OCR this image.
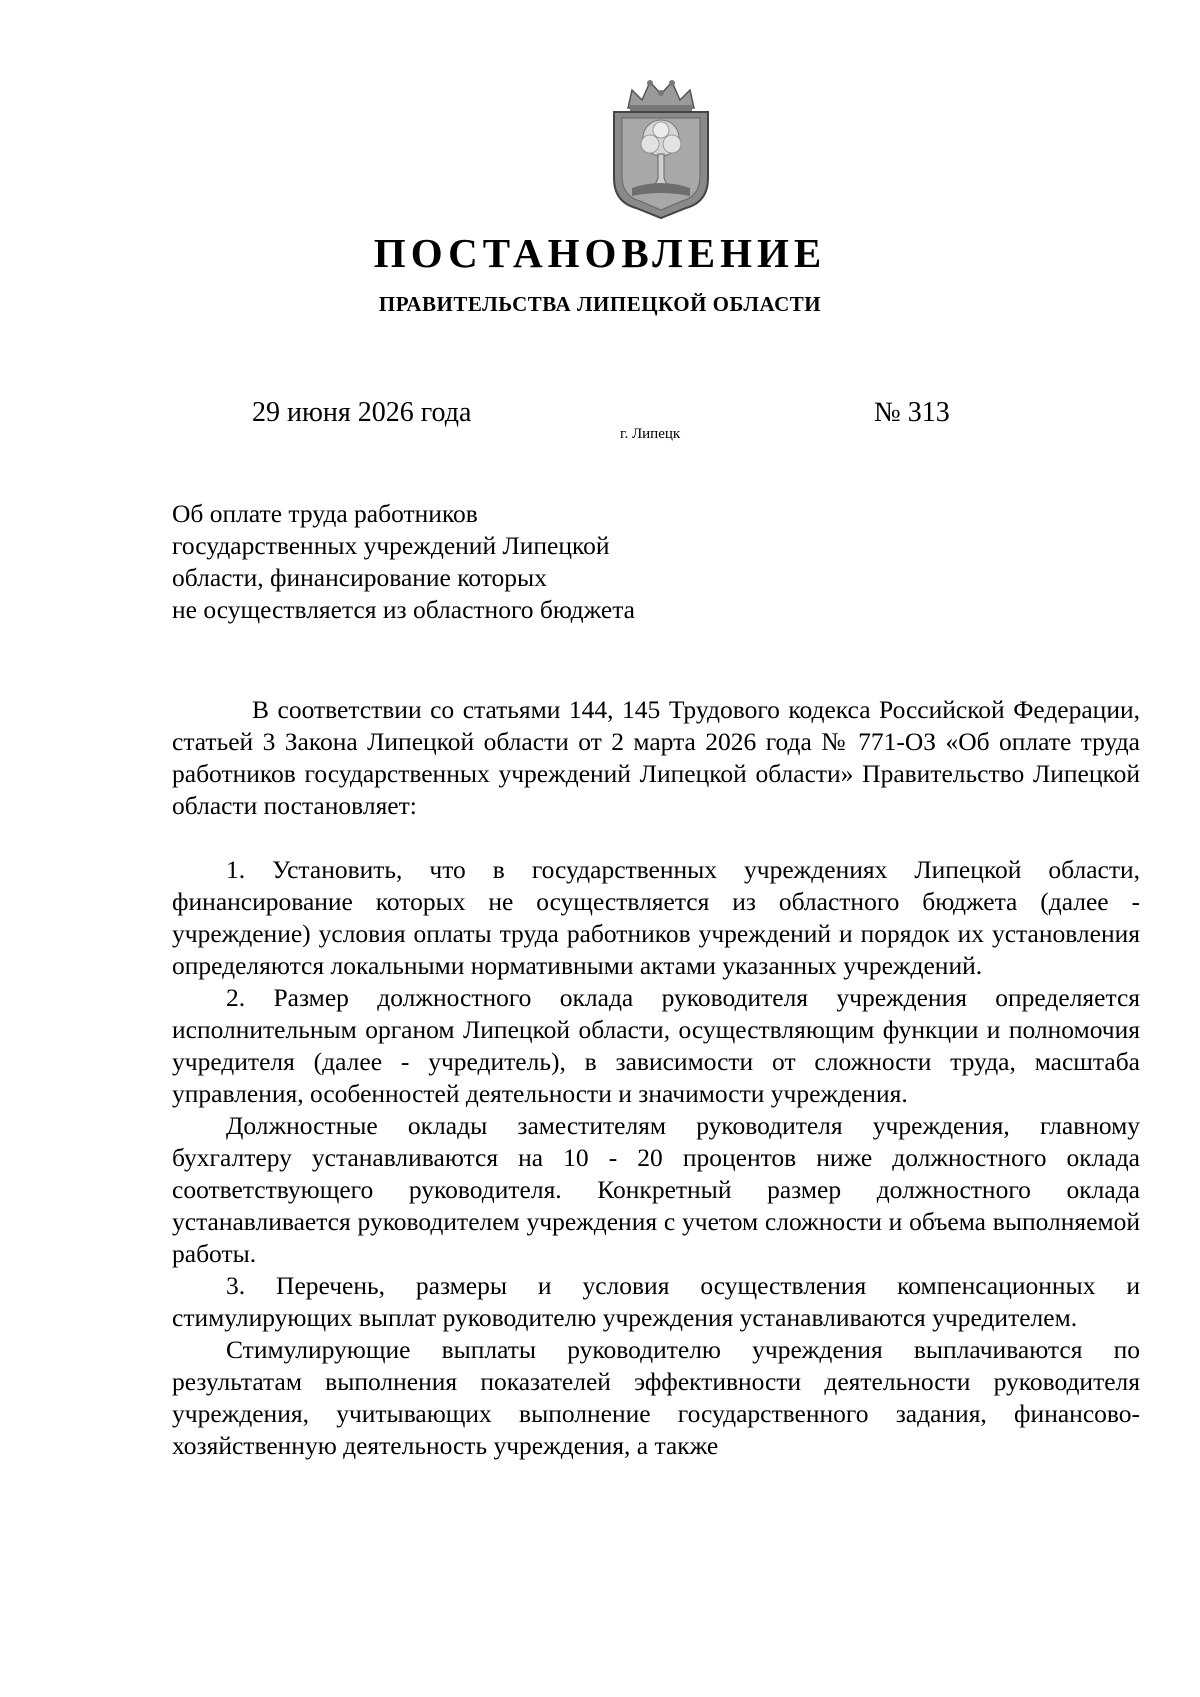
ПОСТАНОВЛЕНИЕ
ПРАВИТЕЛЬСТВА ЛИПЕЦКОЙ ОБЛАСТИ
29 июня 2026 года
г. Липецк
№ 313
Об оплате труда работников
государственных учреждений Липецкой
области, финансирование которых
не осуществляется из областного бюджета

В соответствии со статьями 144, 145 Трудового кодекса Российской Федерации, статьей 3 Закона Липецкой области от 2 марта 2026 года № 771-ОЗ «Об оплате труда работников государственных учреждений Липецкой области» Правительство Липецкой области постановляет:

1. Установить, что в государственных учреждениях Липецкой области, финансирование которых не осуществляется из областного бюджета (далее - учреждение) условия оплаты труда работников учреждений и порядок их установления определяются локальными нормативными актами указанных учреждений.

2. Размер должностного оклада руководителя учреждения определяется исполнительным органом Липецкой области, осуществляющим функции и полномочия учредителя (далее - учредитель), в зависимости от сложности труда, масштаба управления, особенностей деятельности и значимости учреждения.

Должностные оклады заместителям руководителя учреждения, главному бухгалтеру устанавливаются на 10 - 20 процентов ниже должностного оклада соответствующего руководителя. Конкретный размер должностного оклада устанавливается руководителем учреждения с учетом сложности и объема выполняемой работы.

3. Перечень, размеры и условия осуществления компенсационных и стимулирующих выплат руководителю учреждения устанавливаются учредителем.

Стимулирующие выплаты руководителю учреждения выплачиваются по результатам выполнения показателей эффективности деятельности руководителя учреждения, учитывающих выполнение государственного задания, финансово-хозяйственную деятельность учреждения, а также
